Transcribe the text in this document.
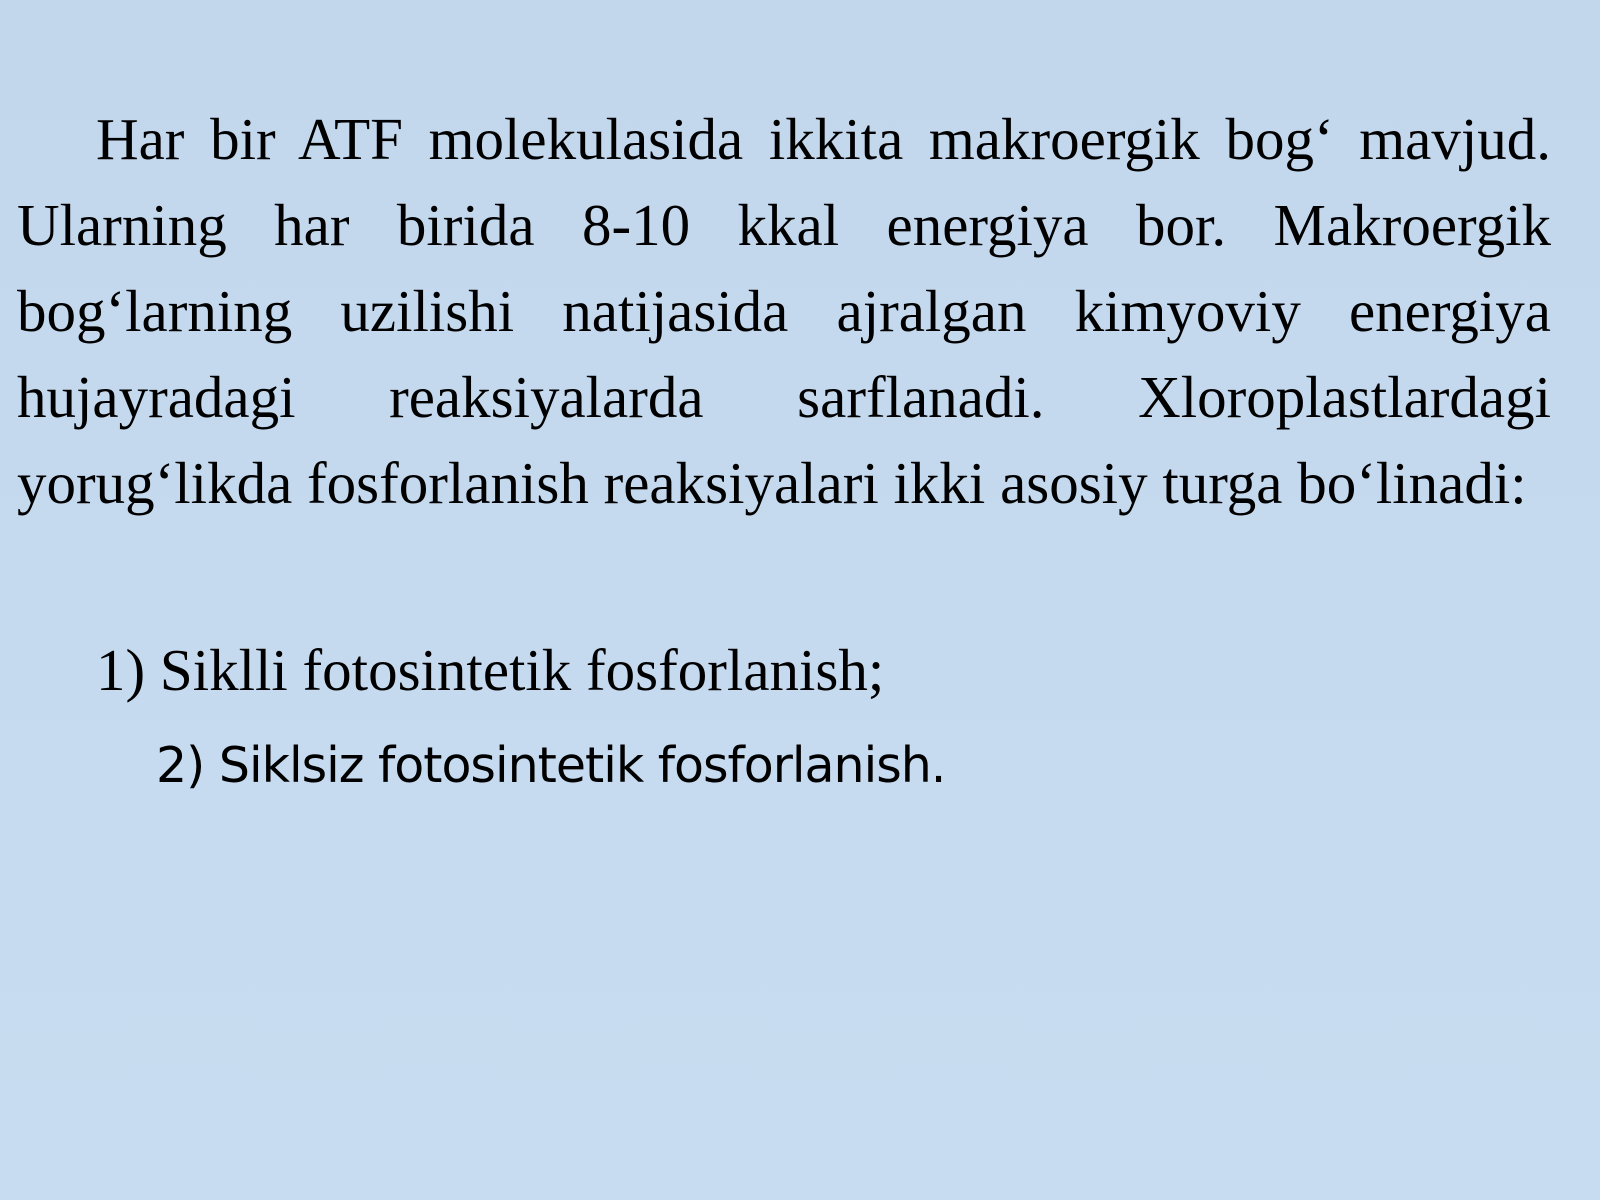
Har bir ATF molekulasida ikkita makroergik bog‘ mavjud. Ularning har birida 8-10 kkal energiya bor. Makroergik bog‘larning uzilishi natijasida ajralgan kimyoviy energiya hujayradagi reaksiyalarda sarflanadi. Xloroplastlardagi yorug‘likda fosforlanish reaksiyalari ikki asosiy turga bo‘linadi:

1) Siklli fotosintetik fosforlanish;

2) Siklsiz fotosintetik fosforlanish.
